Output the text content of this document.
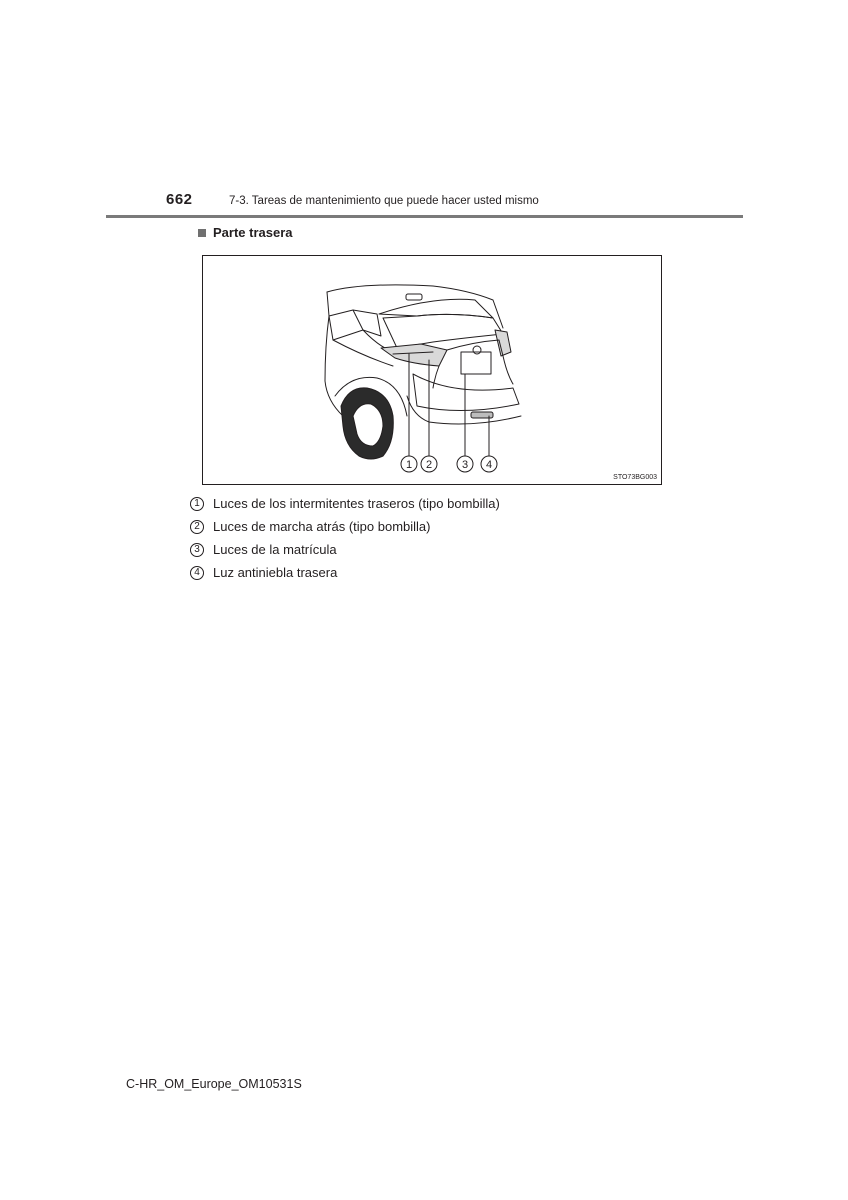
662	7-3. Tareas de mantenimiento que puede hacer usted mismo
Parte trasera
1 2	3 4
STO73BG003
1	Luces de los intermitentes traseros (tipo bombilla)
2	Luces de marcha atrás (tipo bombilla)
3	Luces de la matrícula
4	Luz antiniebla trasera
C-HR_OM_Europe_OM10531S
